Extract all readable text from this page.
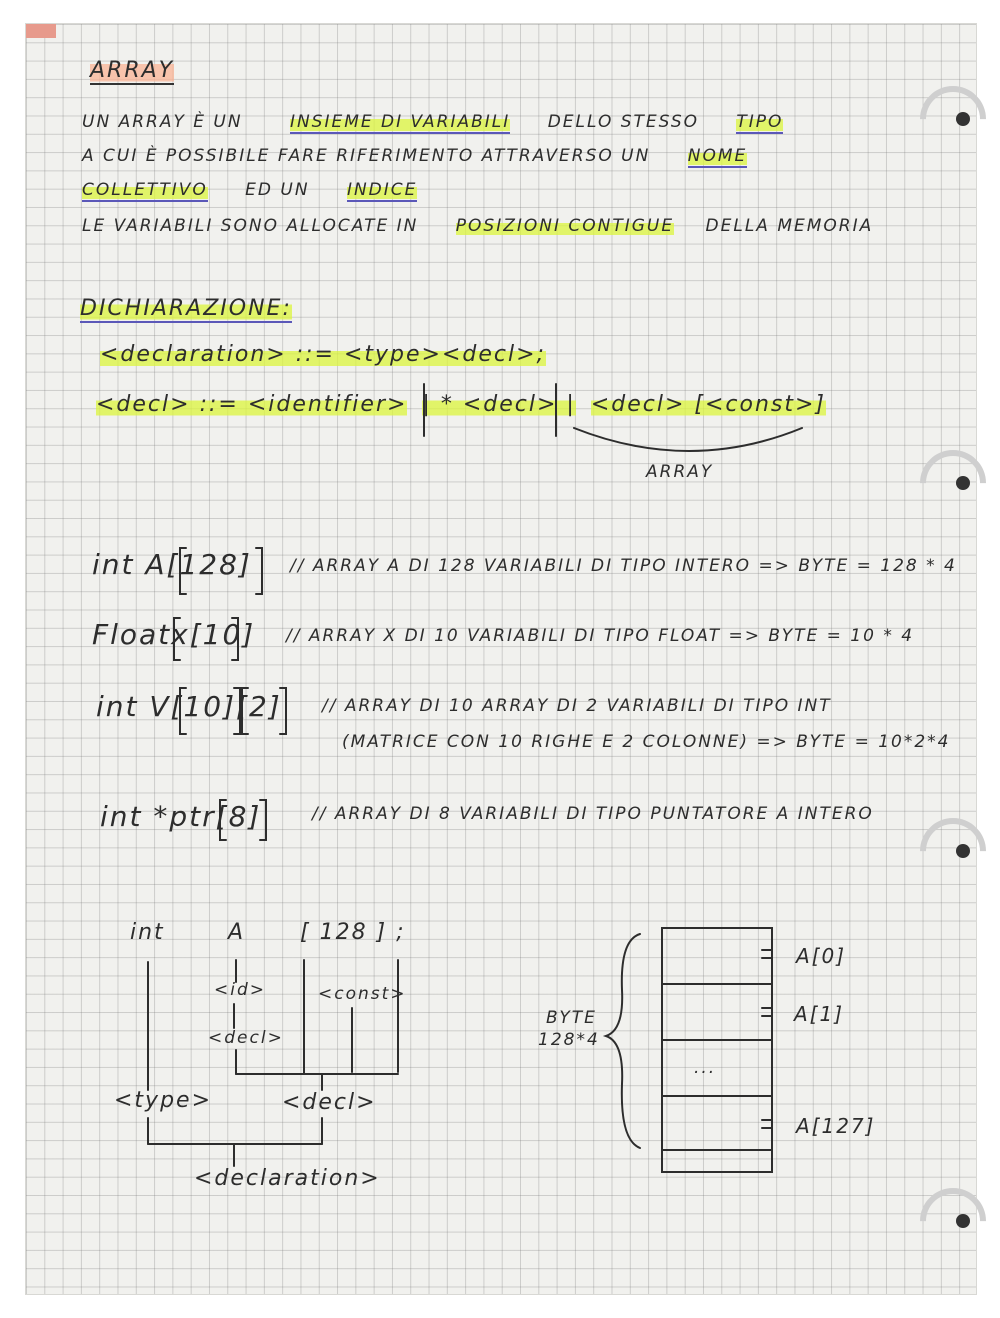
ARRAY
UN ARRAY È UN	INSIEME DI VARIABILI DELLO STESSO TIPO
A CUI È POSSIBILE FARE RIFERIMENTO ATTRAVERSO UN NOME
COLLETTIVO ED UN INDICE
LE VARIABILI SONO ALLOCATE IN POSIZIONI CONTIGUE DELLA MEMORIA
DICHIARAZIONE:
<declaration> ::= <type><decl>;
<decl> ::= <identifier> | * <decl> | <decl> [<const>]
ARRAY
int A[128] // ARRAY A DI 128 VARIABILI DI TIPO INTERO => BYTE = 128 * 4
Floatx[10] // ARRAY X DI 10 VARIABILI DI TIPO FLOAT => BYTE = 10 * 4
int V[10][2] // ARRAY DI 10 ARRAY DI 2 VARIABILI DI TIPO INT
(MATRICE CON 10 RIGHE E 2 COLONNE) => BYTE = 10*2*4
int *ptr[8]	// ARRAY DI 8 VARIABILI DI TIPO PUNTATORE A INTERO
int	A [ 128 ] ;
<id>	<const>
<decl>
<type>	<decl>
<declaration>
BYTE
128*4
A[0]
A[1]
...
A[127]
